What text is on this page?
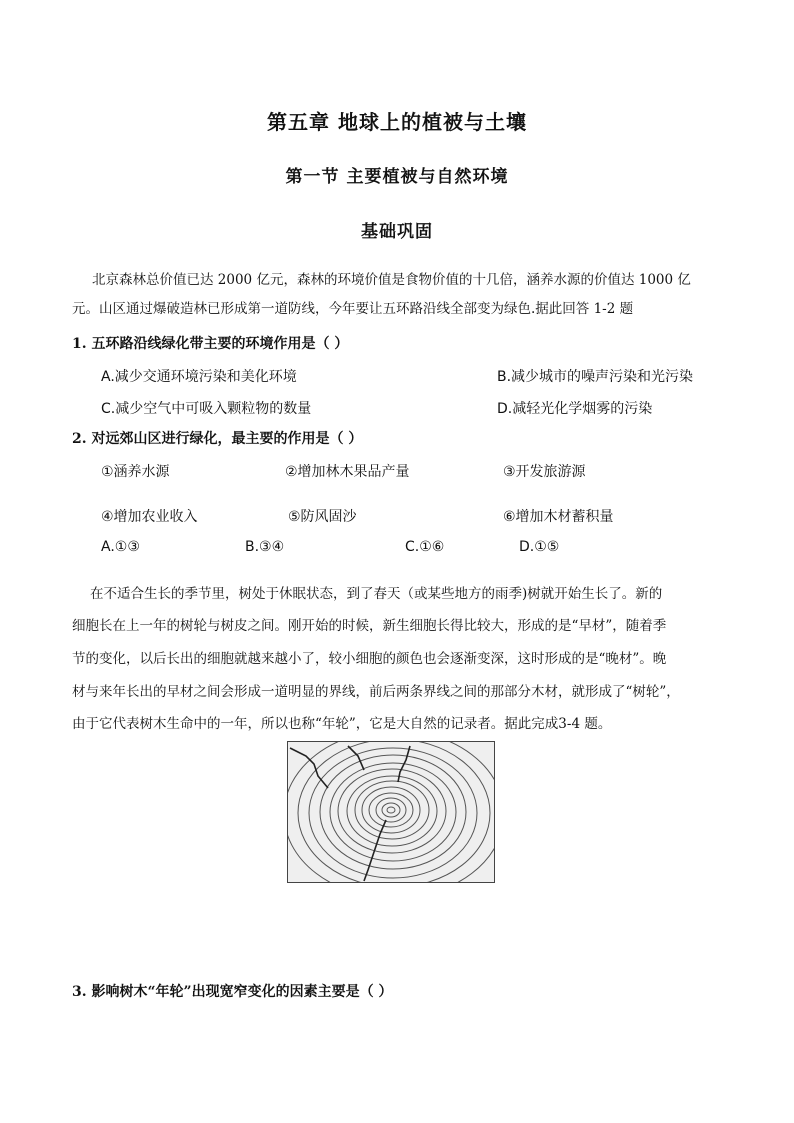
第五章 地球上的植被与土壤
第一节 主要植被与自然环境
基础巩固
北京森林总价值已达 2000 亿元，森林的环境价值是食物价值的十几倍，涵养水源的价值达 1000 亿
元。山区通过爆破造林已形成第一道防线，今年要让五环路沿线全部变为绿色.据此回答 1-2 题
1. 五环路沿线绿化带主要的环境作用是（ ）
A.减少交通环境污染和美化环境	B.减少城市的噪声污染和光污染
C.减少空气中可吸入颗粒物的数量	D.减轻光化学烟雾的污染
2. 对远郊山区进行绿化，最主要的作用是（ ）
①涵养水源	②增加林木果品产量	③开发旅游源
④增加农业收入	⑤防风固沙	⑥增加木材蓄积量
A.①③	B.③④	C.①⑥	D.①⑤
在不适合生长的季节里，树处于休眠状态，到了春天（或某些地方的雨季)树就开始生长了。新的
细胞长在上一年的树轮与树皮之间。刚开始的时候，新生细胞长得比较大，形成的是“早材”，随着季
节的变化，以后长出的细胞就越来越小了，较小细胞的颜色也会逐渐变深，这时形成的是“晚材”。晚
材与来年长出的早材之间会形成一道明显的界线，前后两条界线之间的那部分木材，就形成了“树轮”，
由于它代表树木生命中的一年，所以也称“年轮”，它是大自然的记录者。据此完成3-4 题。
3. 影响树木“年轮”出现宽窄变化的因素主要是（ ）
